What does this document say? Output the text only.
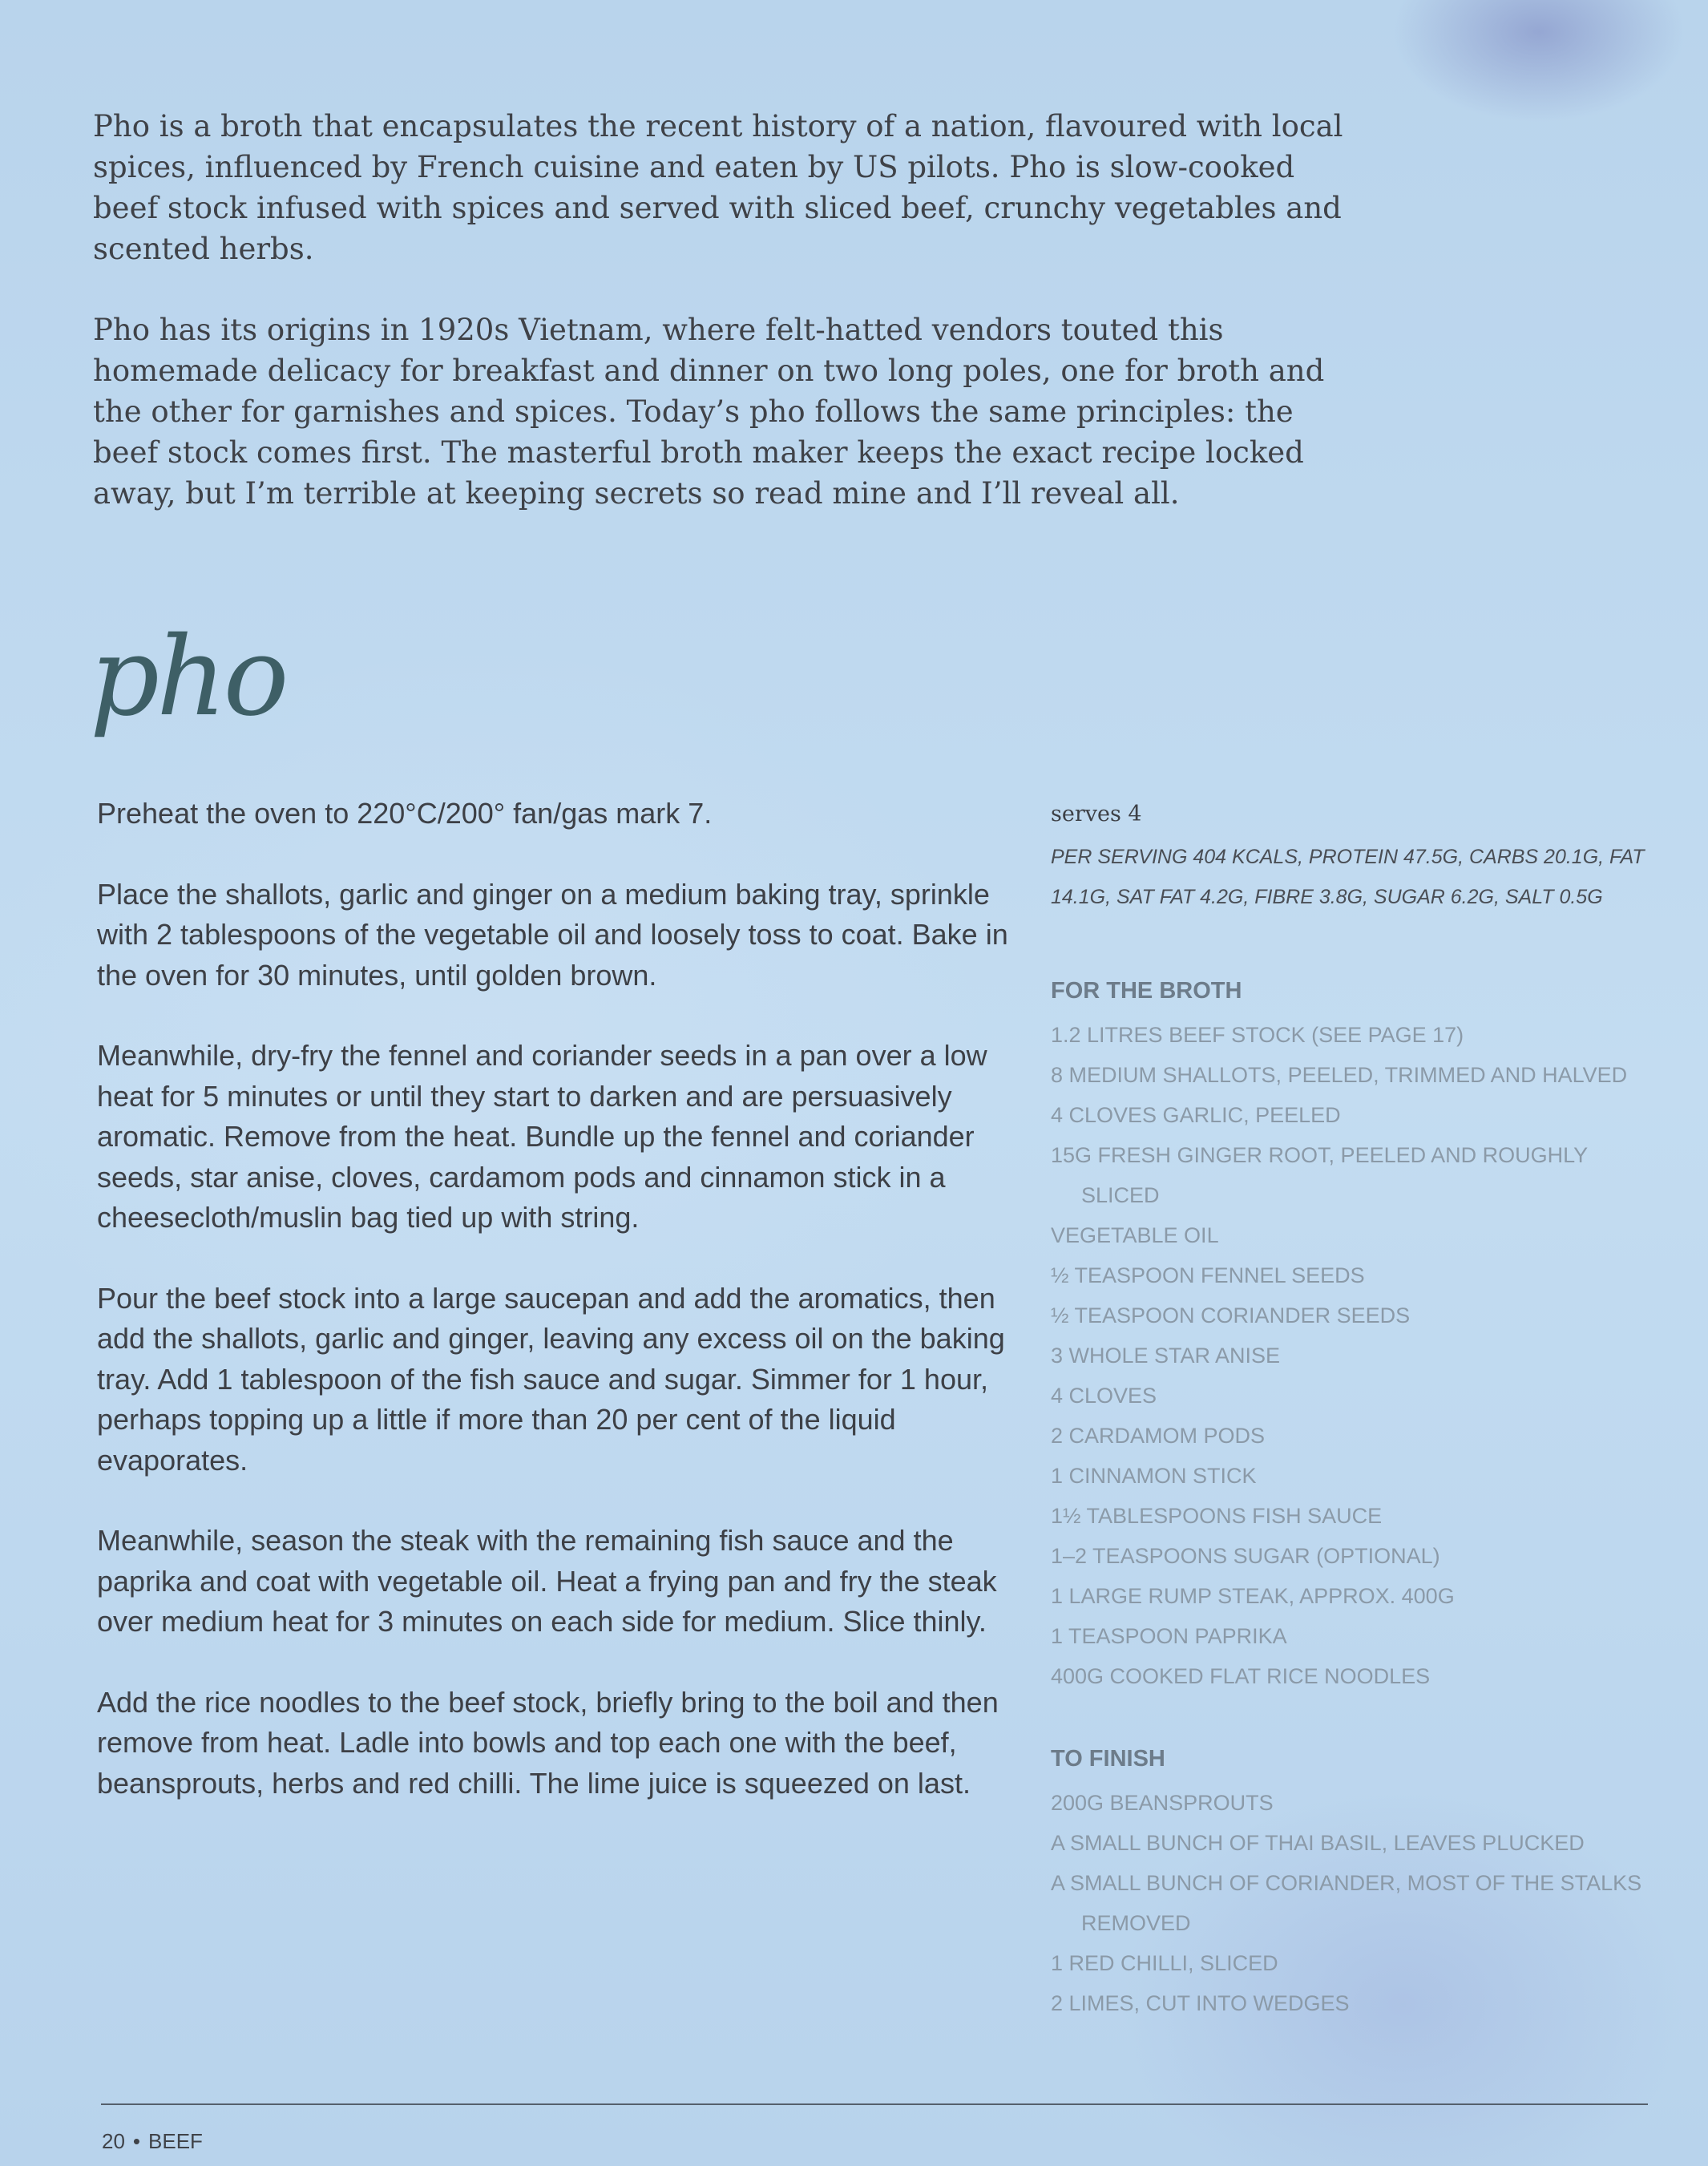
Pho is a broth that encapsulates the recent history of a nation, flavoured with local spices, influenced by French cuisine and eaten by US pilots. Pho is slow-cooked beef stock infused with spices and served with sliced beef, crunchy vegetables and scented herbs.

Pho has its origins in 1920s Vietnam, where felt-hatted vendors touted this homemade delicacy for breakfast and dinner on two long poles, one for broth and the other for garnishes and spices. Today’s pho follows the same principles: the beef stock comes first. The masterful broth maker keeps the exact recipe locked away, but I’m terrible at keeping secrets so read mine and I’ll reveal all.

pho

Preheat the oven to 220°C/200° fan/gas mark 7.

Place the shallots, garlic and ginger on a medium baking tray, sprinkle with 2 tablespoons of the vegetable oil and loosely toss to coat. Bake in the oven for 30 minutes, until golden brown.

Meanwhile, dry-fry the fennel and coriander seeds in a pan over a low heat for 5 minutes or until they start to darken and are persuasively aromatic. Remove from the heat. Bundle up the fennel and coriander seeds, star anise, cloves, cardamom pods and cinnamon stick in a cheesecloth/muslin bag tied up with string.

Pour the beef stock into a large saucepan and add the aromatics, then add the shallots, garlic and ginger, leaving any excess oil on the baking tray. Add 1 tablespoon of the fish sauce and sugar. Simmer for 1 hour, perhaps topping up a little if more than 20 per cent of the liquid evaporates.

Meanwhile, season the steak with the remaining fish sauce and the paprika and coat with vegetable oil. Heat a frying pan and fry the steak over medium heat for 3 minutes on each side for medium. Slice thinly.

Add the rice noodles to the beef stock, briefly bring to the boil and then remove from heat. Ladle into bowls and top each one with the beef, beansprouts, herbs and red chilli. The lime juice is squeezed on last.

serves 4
PER SERVING 404 KCALS, PROTEIN 47.5G, CARBS 20.1G, FAT 14.1G, SAT FAT 4.2G, FIBRE 3.8G, SUGAR 6.2G, SALT 0.5G
FOR THE BROTH
1.2 LITRES BEEF STOCK (SEE PAGE 17)
8 MEDIUM SHALLOTS, PEELED, TRIMMED AND HALVED
4 CLOVES GARLIC, PEELED
15G FRESH GINGER ROOT, PEELED AND ROUGHLY SLICED
VEGETABLE OIL
½ TEASPOON FENNEL SEEDS
½ TEASPOON CORIANDER SEEDS
3 WHOLE STAR ANISE
4 CLOVES
2 CARDAMOM PODS
1 CINNAMON STICK
1½ TABLESPOONS FISH SAUCE
1–2 TEASPOONS SUGAR (OPTIONAL)
1 LARGE RUMP STEAK, APPROX. 400G
1 TEASPOON PAPRIKA
400G COOKED FLAT RICE NOODLES
TO FINISH
200G BEANSPROUTS
A SMALL BUNCH OF THAI BASIL, LEAVES PLUCKED
A SMALL BUNCH OF CORIANDER, MOST OF THE STALKS REMOVED
1 RED CHILLI, SLICED
2 LIMES, CUT INTO WEDGES
20 • BEEF
